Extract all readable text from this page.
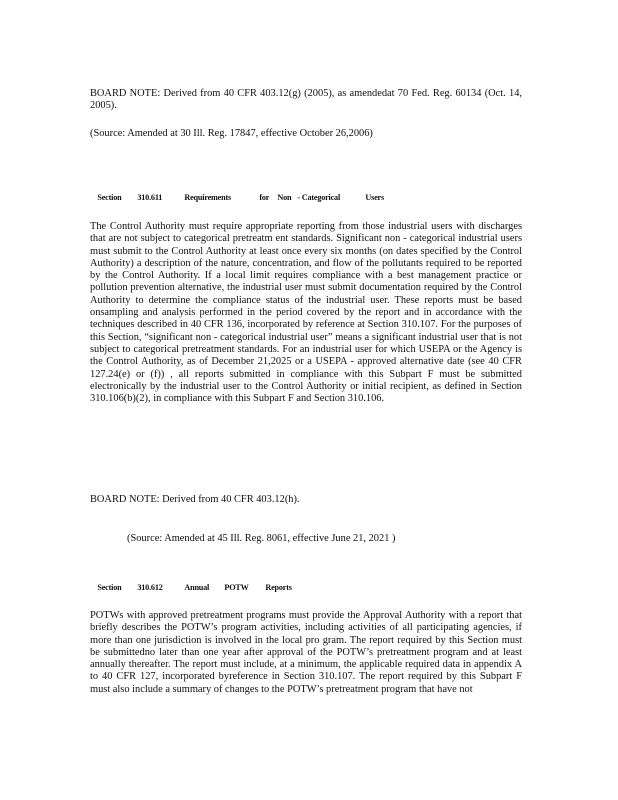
BOARD NOTE: Derived from 40 CFR 403.12(g) (2005), as amendedat 70 Fed. Reg. 60134 (Oct. 14, 2005).

(Source: Amended at 30 Ill. Reg. 17847, effective October 26,2006)

Section 310.611	Requirements	for Non - Categorical	Users

The Control Authority must require appropriate reporting from those industrial users with discharges that are not subject to categorical pretreatm ent standards. Significant non - categorical industrial users must submit to the Control Authority at least once every six months (on dates specified by the Control Authority) a description of the nature, concentration, and flow of the pollutants required to be reported by the Control Authority. If a local limit requires compliance with a best management practice or pollution prevention alternative, the industrial user must submit documentation required by the Control Authority to determine the compliance status of the industrial user. These reports must be based onsampling and analysis performed in the period covered by the report and in accordance with the techniques described in 40 CFR 136, incorporated by reference at Section 310.107. For the purposes of this Section, “significant non - categorical industrial user” means a significant industrial user that is not subject to categorical pretreatment standards. For an industrial user for which USEPA or the Agency is the Control Authority, as of December 21,2025 or a USEPA - approved alternative date (see 40 CFR 127.24(e) or (f)) , all reports submitted in compliance with this Subpart F must be submitted electronically by the industrial user to the Control Authority or initial recipient, as defined in Section 310.106(b)(2), in compliance with this Subpart F and Section 310.106.

BOARD NOTE: Derived from 40 CFR 403.12(h).

(Source: Amended at 45 Ill. Reg. 8061, effective June 21, 2021 )

Section 310.612	Annual POTW Reports

POTWs with approved pretreatment programs must provide the Approval Authority with a report that briefly describes the POTW’s program activities, including activities of all participating agencies, if more than one jurisdiction is involved in the local pro gram. The report required by this Section must be submittedno later than one year after approval of the POTW’s pretreatment program and at least annually thereafter. The report must include, at a minimum, the applicable required data in appendix A to 40 CFR 127, incorporated byreference in Section 310.107. The report required by this Subpart F must also include a summary of changes to the POTW’s pretreatment program that have not
